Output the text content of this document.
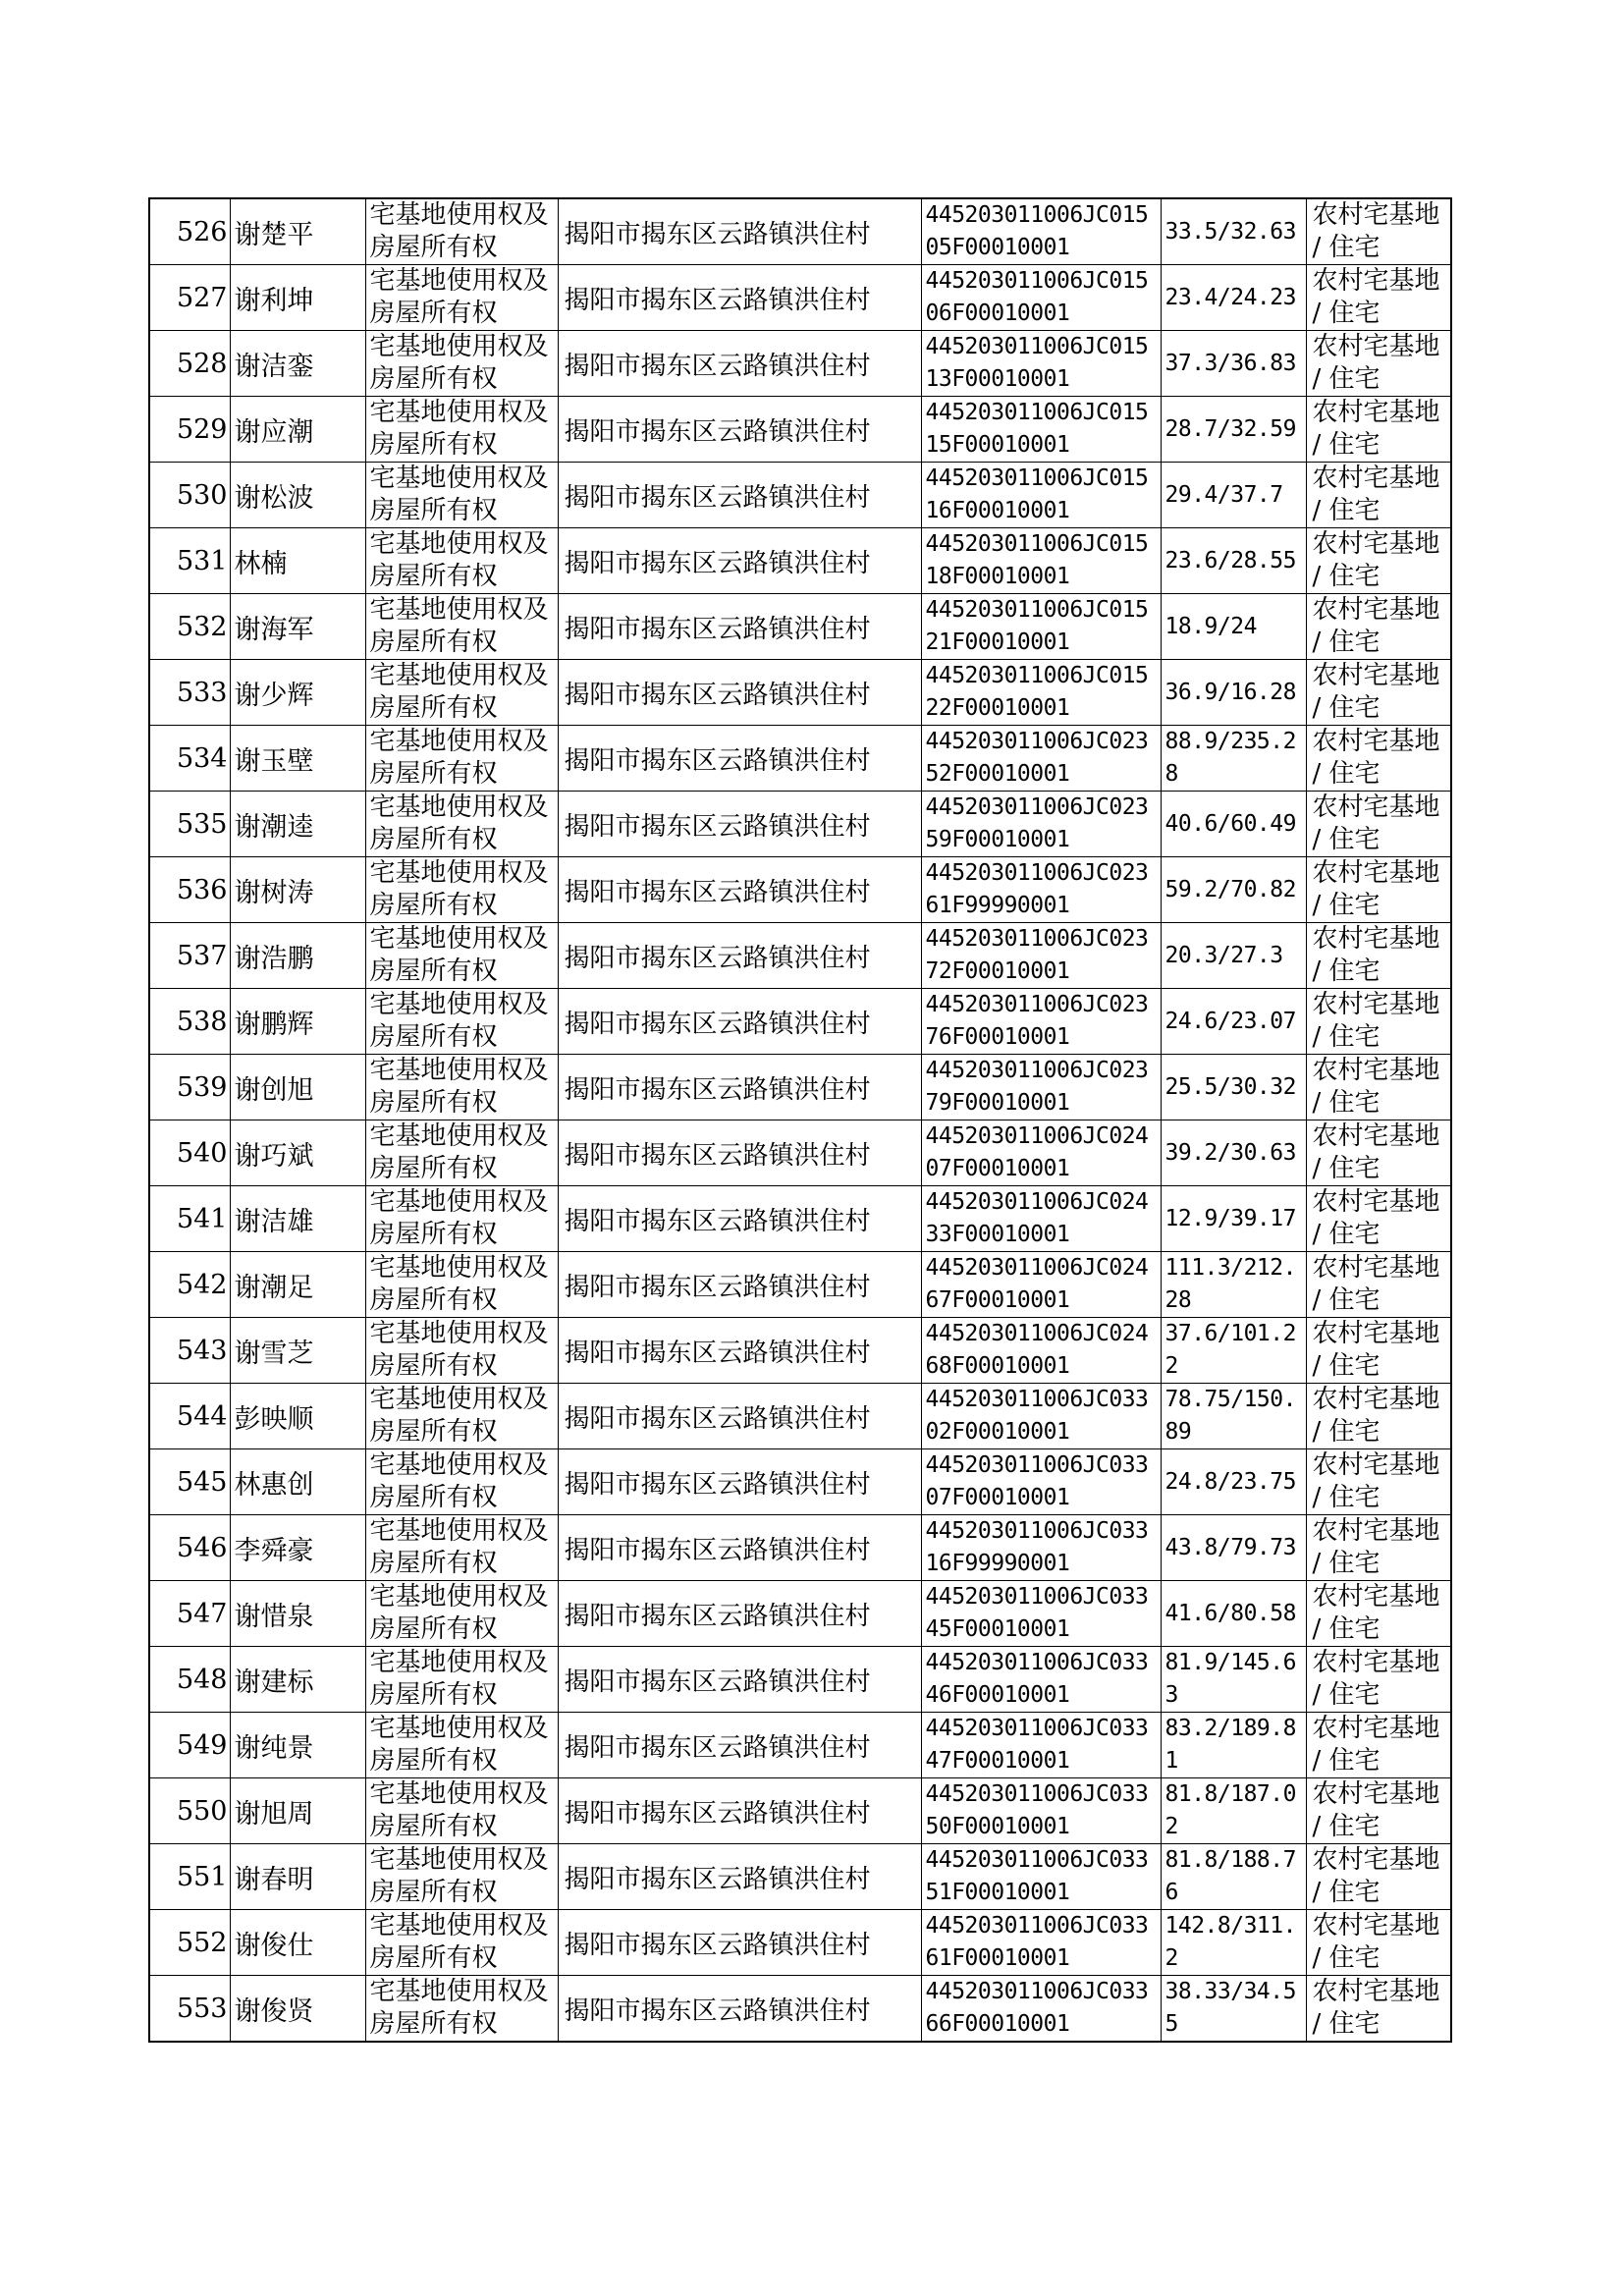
526	谢楚平	宅基地使用权及房屋所有权	揭阳市揭东区云路镇洪住村	445203011006JC01505F00010001	33.5/32.63	农村宅基地 / 住宅
527	谢利坤	宅基地使用权及房屋所有权	揭阳市揭东区云路镇洪住村	445203011006JC01506F00010001	23.4/24.23	农村宅基地 / 住宅
528	谢洁銮	宅基地使用权及房屋所有权	揭阳市揭东区云路镇洪住村	445203011006JC01513F00010001	37.3/36.83	农村宅基地 / 住宅
529	谢应潮	宅基地使用权及房屋所有权	揭阳市揭东区云路镇洪住村	445203011006JC01515F00010001	28.7/32.59	农村宅基地 / 住宅
530	谢松波	宅基地使用权及房屋所有权	揭阳市揭东区云路镇洪住村	445203011006JC01516F00010001	29.4/37.7	农村宅基地 / 住宅
531	林楠	宅基地使用权及房屋所有权	揭阳市揭东区云路镇洪住村	445203011006JC01518F00010001	23.6/28.55	农村宅基地 / 住宅
532	谢海军	宅基地使用权及房屋所有权	揭阳市揭东区云路镇洪住村	445203011006JC01521F00010001	18.9/24	农村宅基地 / 住宅
533	谢少辉	宅基地使用权及房屋所有权	揭阳市揭东区云路镇洪住村	445203011006JC01522F00010001	36.9/16.28	农村宅基地 / 住宅
534	谢玉壁	宅基地使用权及房屋所有权	揭阳市揭东区云路镇洪住村	445203011006JC02352F00010001	88.9/235.28	农村宅基地 / 住宅
535	谢潮逵	宅基地使用权及房屋所有权	揭阳市揭东区云路镇洪住村	445203011006JC02359F00010001	40.6/60.49	农村宅基地 / 住宅
536	谢树涛	宅基地使用权及房屋所有权	揭阳市揭东区云路镇洪住村	445203011006JC02361F99990001	59.2/70.82	农村宅基地 / 住宅
537	谢浩鹏	宅基地使用权及房屋所有权	揭阳市揭东区云路镇洪住村	445203011006JC02372F00010001	20.3/27.3	农村宅基地 / 住宅
538	谢鹏辉	宅基地使用权及房屋所有权	揭阳市揭东区云路镇洪住村	445203011006JC02376F00010001	24.6/23.07	农村宅基地 / 住宅
539	谢创旭	宅基地使用权及房屋所有权	揭阳市揭东区云路镇洪住村	445203011006JC02379F00010001	25.5/30.32	农村宅基地 / 住宅
540	谢巧斌	宅基地使用权及房屋所有权	揭阳市揭东区云路镇洪住村	445203011006JC02407F00010001	39.2/30.63	农村宅基地 / 住宅
541	谢洁雄	宅基地使用权及房屋所有权	揭阳市揭东区云路镇洪住村	445203011006JC02433F00010001	12.9/39.17	农村宅基地 / 住宅
542	谢潮足	宅基地使用权及房屋所有权	揭阳市揭东区云路镇洪住村	445203011006JC02467F00010001	111.3/212.28	农村宅基地 / 住宅
543	谢雪芝	宅基地使用权及房屋所有权	揭阳市揭东区云路镇洪住村	445203011006JC02468F00010001	37.6/101.22	农村宅基地 / 住宅
544	彭映顺	宅基地使用权及房屋所有权	揭阳市揭东区云路镇洪住村	445203011006JC03302F00010001	78.75/150.89	农村宅基地 / 住宅
545	林惠创	宅基地使用权及房屋所有权	揭阳市揭东区云路镇洪住村	445203011006JC03307F00010001	24.8/23.75	农村宅基地 / 住宅
546	李舜豪	宅基地使用权及房屋所有权	揭阳市揭东区云路镇洪住村	445203011006JC03316F99990001	43.8/79.73	农村宅基地 / 住宅
547	谢惜泉	宅基地使用权及房屋所有权	揭阳市揭东区云路镇洪住村	445203011006JC03345F00010001	41.6/80.58	农村宅基地 / 住宅
548	谢建标	宅基地使用权及房屋所有权	揭阳市揭东区云路镇洪住村	445203011006JC03346F00010001	81.9/145.63	农村宅基地 / 住宅
549	谢纯景	宅基地使用权及房屋所有权	揭阳市揭东区云路镇洪住村	445203011006JC03347F00010001	83.2/189.81	农村宅基地 / 住宅
550	谢旭周	宅基地使用权及房屋所有权	揭阳市揭东区云路镇洪住村	445203011006JC03350F00010001	81.8/187.02	农村宅基地 / 住宅
551	谢春明	宅基地使用权及房屋所有权	揭阳市揭东区云路镇洪住村	445203011006JC03351F00010001	81.8/188.76	农村宅基地 / 住宅
552	谢俊仕	宅基地使用权及房屋所有权	揭阳市揭东区云路镇洪住村	445203011006JC03361F00010001	142.8/311.2	农村宅基地 / 住宅
553	谢俊贤	宅基地使用权及房屋所有权	揭阳市揭东区云路镇洪住村	445203011006JC03366F00010001	38.33/34.55	农村宅基地 / 住宅
